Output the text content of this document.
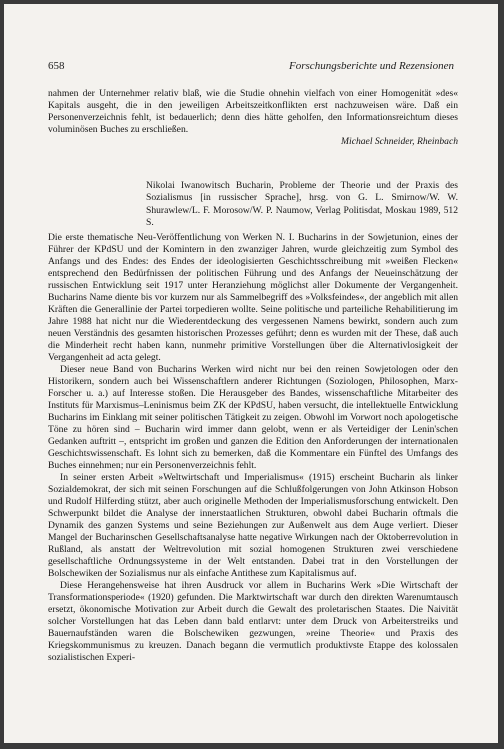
658	Forschungsberichte und Rezensionen

nahmen der Unternehmer relativ blaß, wie die Studie ohnehin vielfach von einer Homogenität »des« Kapitals ausgeht, die in den jeweiligen Arbeitszeitkonflikten erst nachzuweisen wäre. Daß ein Personenverzeichnis fehlt, ist bedauerlich; denn dies hätte geholfen, den Informationsreichtum dieses voluminösen Buches zu erschließen.

Michael Schneider, Rheinbach

Nikolai Iwanowitsch Bucharin, Probleme der Theorie und der Praxis des Sozialismus [in russischer Sprache], hrsg. von G. L. Smirnow/W. W. Shurawlew/L. F. Morosow/W. P. Naumow, Verlag Politisdat, Moskau 1989, 512 S.

Die erste thematische Neu-Veröffentlichung von Werken N. I. Bucharins in der Sowjetunion, eines der Führer der KPdSU und der Komintern in den zwanziger Jahren, wurde gleichzeitig zum Symbol des Anfangs und des Endes: des Endes der ideologisierten Geschichtsschreibung mit »weißen Flecken« entsprechend den Bedürfnissen der politischen Führung und des Anfangs der Neueinschätzung der russischen Entwicklung seit 1917 unter Heranziehung möglichst aller Dokumente der Vergangenheit. Bucharins Name diente bis vor kurzem nur als Sammelbegriff des »Volksfeindes«, der angeblich mit allen Kräften die Generallinie der Partei torpedieren wollte. Seine politische und parteiliche Rehabilitierung im Jahre 1988 hat nicht nur die Wiederentdeckung des vergessenen Namens bewirkt, sondern auch zum neuen Verständnis des gesamten historischen Prozesses geführt; denn es wurden mit der These, daß auch die Minderheit recht haben kann, nunmehr primitive Vorstellungen über die Alternativlosigkeit der Vergangenheit ad acta gelegt.

Dieser neue Band von Bucharins Werken wird nicht nur bei den reinen Sowjetologen oder den Historikern, sondern auch bei Wissenschaftlern anderer Richtungen (Soziologen, Philosophen, Marx-Forscher u. a.) auf Interesse stoßen. Die Herausgeber des Bandes, wissenschaftliche Mitarbeiter des Instituts für Marxismus–Leninismus beim ZK der KPdSU, haben versucht, die intellektuelle Entwicklung Bucharins im Einklang mit seiner politischen Tätigkeit zu zeigen. Obwohl im Vorwort noch apologetische Töne zu hören sind – Bucharin wird immer dann gelobt, wenn er als Verteidiger der Lenin'schen Gedanken auftritt –, entspricht im großen und ganzen die Edition den Anforderungen der internationalen Geschichtswissenschaft. Es lohnt sich zu bemerken, daß die Kommentare ein Fünftel des Umfangs des Buches einnehmen; nur ein Personenverzeichnis fehlt.

In seiner ersten Arbeit »Weltwirtschaft und Imperialismus« (1915) erscheint Bucharin als linker Sozialdemokrat, der sich mit seinen Forschungen auf die Schlußfolgerungen von John Atkinson Hobson und Rudolf Hilferding stützt, aber auch originelle Methoden der Imperialismusforschung entwickelt. Den Schwerpunkt bildet die Analyse der innerstaatlichen Strukturen, obwohl dabei Bucharin oftmals die Dynamik des ganzen Systems und seine Beziehungen zur Außenwelt aus dem Auge verliert. Dieser Mangel der Bucharinschen Gesellschaftsanalyse hatte negative Wirkungen nach der Oktoberrevolution in Rußland, als anstatt der Weltrevolution mit sozial homogenen Strukturen zwei verschiedene gesellschaftliche Ordnungssysteme in der Welt entstanden. Dabei trat in den Vorstellungen der Bolschewiken der Sozialismus nur als einfache Antithese zum Kapitalismus auf.

Diese Herangehensweise hat ihren Ausdruck vor allem in Bucharins Werk »Die Wirtschaft der Transformationsperiode« (1920) gefunden. Die Marktwirtschaft war durch den direkten Warenumtausch ersetzt, ökonomische Motivation zur Arbeit durch die Gewalt des proletarischen Staates. Die Naivität solcher Vorstellungen hat das Leben dann bald entlarvt: unter dem Druck von Arbeiterstreiks und Bauernaufständen waren die Bolschewiken gezwungen, »reine Theorie« und Praxis des Kriegskommunismus zu kreuzen. Danach begann die vermutlich produktivste Etappe des kolossalen sozialistischen Experi-
